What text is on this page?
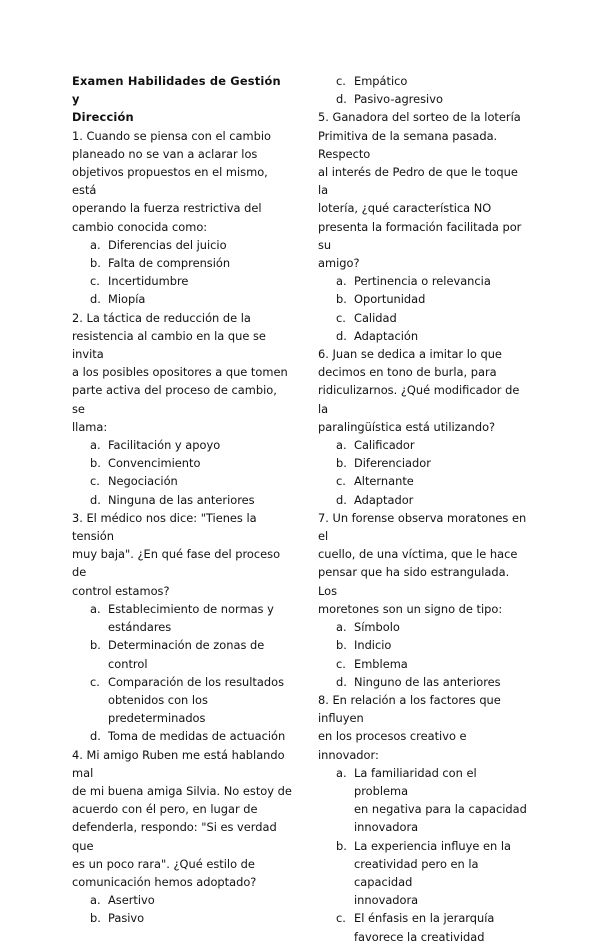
Examen Habilidades de Gestión y
Dirección
1. Cuando se piensa con el cambio
planeado no se van a aclarar los
objetivos propuestos en el mismo, está
operando la fuerza restrictiva del
cambio conocida como:
a. Diferencias del juicio
b. Falta de comprensión
c. Incertidumbre
d. Miopía
2. La táctica de reducción de la
resistencia al cambio en la que se invita
a los posibles opositores a que tomen
parte activa del proceso de cambio, se
llama:
a. Facilitación y apoyo
b. Convencimiento
c. Negociación
d. Ninguna de las anteriores
3. El médico nos dice: "Tienes la tensión
muy baja". ¿En qué fase del proceso de
control estamos?
a. Establecimiento de normas y
estándares
b. Determinación de zonas de
control
c. Comparación de los resultados
obtenidos con los
predeterminados
d. Toma de medidas de actuación
4. Mi amigo Ruben me está hablando mal
de mi buena amiga Silvia. No estoy de
acuerdo con él pero, en lugar de
defenderla, respondo: "Si es verdad que
es un poco rara". ¿Qué estilo de
comunicación hemos adoptado?
a. Asertivo
b. Pasivo
c. Empático
d. Pasivo-agresivo
5. Ganadora del sorteo de la lotería
Primitiva de la semana pasada. Respecto
al interés de Pedro de que le toque la
lotería, ¿qué característica NO
presenta la formación facilitada por su
amigo?
a. Pertinencia o relevancia
b. Oportunidad
c. Calidad
d. Adaptación
6. Juan se dedica a imitar lo que
decimos en tono de burla, para
ridiculizarnos. ¿Qué modificador de la
paralingüística está utilizando?
a. Calificador
b. Diferenciador
c. Alternante
d. Adaptador
7. Un forense observa moratones en el
cuello, de una víctima, que le hace
pensar que ha sido estrangulada. Los
moretones son un signo de tipo:
a. Símbolo
b. Indicio
c. Emblema
d. Ninguno de las anteriores
8. En relación a los factores que influyen
en los procesos creativo e innovador:
a. La familiaridad con el problema
en negativa para la capacidad
innovadora
b. La experiencia influye en la
creatividad pero en la capacidad
innovadora
c. El énfasis en la jerarquía
favorece la creatividad
